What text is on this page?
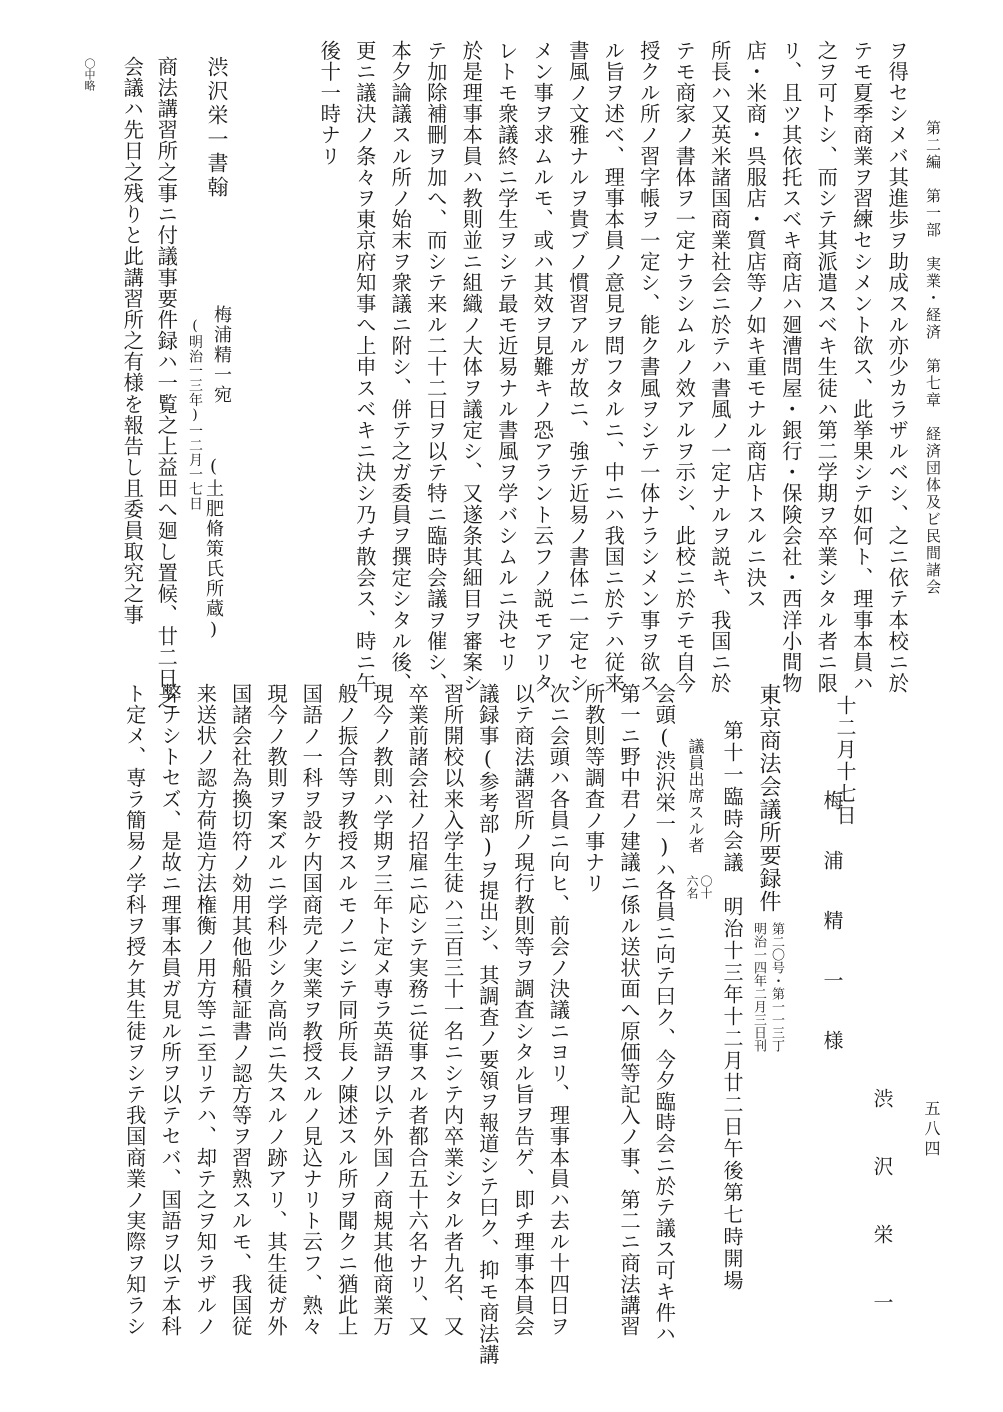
第二編　第一部　実業・経済　第七章　経済団体及ビ民間諸会
五八四
ヲ得セシメバ其進歩ヲ助成スル亦少カラザルベシ、之ニ依テ本校ニ於
テモ夏季商業ヲ習練セシメント欲ス、此挙果シテ如何ト、理事本員ハ
之ヲ可トシ、而シテ其派遣スベキ生徒ハ第二学期ヲ卒業シタル者ニ限
リ、且ツ其依托スベキ商店ハ廻漕問屋・銀行・保険会社・西洋小間物
店・米商・呉服店・質店等ノ如キ重モナル商店トスルニ決ス
所長ハ又英米諸国商業社会ニ於テハ書風ノ一定ナルヲ説キ、我国ニ於
テモ商家ノ書体ヲ一定ナラシムルノ效アルヲ示シ、此校ニ於テモ自今
授クル所ノ習字帳ヲ一定シ、能ク書風ヲシテ一体ナラシメン事ヲ欲ス
ル旨ヲ述べ、理事本員ノ意見ヲ問フタルニ、中ニハ我国ニ於テハ従来
書風ノ文雅ナルヲ貴ブノ慣習アルガ故ニ、強テ近易ノ書体ニ一定セシ
メン事ヲ求ムルモ、或ハ其效ヲ見難キノ恐アラント云フノ説モアリタ
レトモ衆議終ニ学生ヲシテ最モ近易ナル書風ヲ学バシムルニ決セリ
於是理事本員ハ教則並ニ組織ノ大体ヲ議定シ、又遂条其細目ヲ審案シ
テ加除補刪ヲ加へ、而シテ来ル二十二日ヲ以テ特ニ臨時会議ヲ催シ、
本夕論議スル所ノ始末ヲ衆議ニ附シ、併テ之ガ委員ヲ撰定シタル後、
更ニ議決ノ条々ヲ東京府知事へ上申スベキニ決シ乃チ散会ス、時ニ午
後十一時ナリ
渋沢栄一書翰
梅浦精一宛
(明治一三年)一二月一七日
(土肥脩策氏所蔵)
商法講習所之事ニ付議事要件録ハ一覧之上益田へ廻し置候、廿二日之
会議ハ先日之残りと此講習所之有様を報告し且委員取究之事
〇中略
渋　沢　栄　一
十二月十七日
梅　浦　精　一　様
東京商法会議所要録件
第二〇号・第一一三丁
明治一四年二月三日刊
第十一臨時会議　明治十三年十二月廿二日午後第七時開場
議員出席スル者
〇十
六名
会頭(渋沢栄一)ハ各員ニ向テ曰ク、今夕臨時会ニ於テ議ス可キ件ハ
第一ニ野中君ノ建議ニ係ル送状面へ原価等記入ノ事、第二ニ商法講習
所教則等調査ノ事ナリ
次ニ会頭ハ各員ニ向ヒ、前会ノ決議ニヨリ、理事本員ハ去ル十四日ヲ
以テ商法講習所ノ現行教則等ヲ調査シタル旨ヲ告ゲ、即チ理事本員会
議録事(参考部)ヲ提出シ、其調査ノ要領ヲ報道シテ曰ク、抑モ商法講
習所開校以来入学生徒ハ三百三十一名ニシテ内卒業シタル者九名、又
卒業前諸会社ノ招雇ニ応シテ実務ニ従事スル者都合五十六名ナリ、又
現今ノ教則ハ学期ヲ三年ト定メ専ラ英語ヲ以テ外国ノ商規其他商業万
般ノ振合等ヲ教授スルモノニシテ同所長ノ陳述スル所ヲ聞クニ猶此上
国語ノ一科ヲ設ケ内国商売ノ実業ヲ教授スルノ見込ナリト云フ、熟々
現今ノ教則ヲ案ズルニ学科少シク高尚ニ失スルノ跡アリ、其生徒ガ外
国諸会社為換切符ノ効用其他船積証書ノ認方等ヲ習熟スルモ、我国従
来送状ノ認方荷造方法権衡ノ用方等ニ至リテハ、却テ之ヲ知ラザルノ
弊ナシトセズ、是故ニ理事本員ガ見ル所ヲ以テセバ、国語ヲ以テ本科
ト定メ、専ラ簡易ノ学科ヲ授ケ其生徒ヲシテ我国商業ノ実際ヲ知ラシ
